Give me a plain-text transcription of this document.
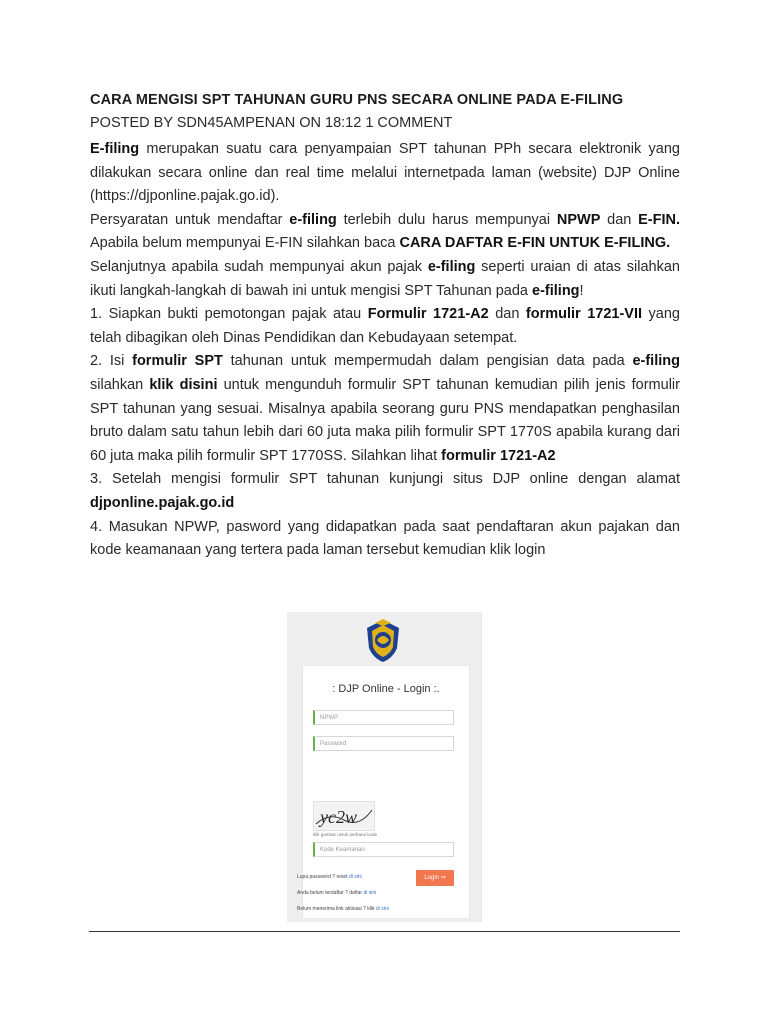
CARA MENGISI SPT TAHUNAN GURU PNS SECARA ONLINE PADA E-FILING
POSTED BY SDN45AMPENAN ON 18:12 1 COMMENT

E-filing merupakan suatu cara penyampaian SPT tahunan PPh secara elektronik yang dilakukan secara online dan real time melalui internetpada laman (website) DJP Online (https://djponline.pajak.go.id).

Persyaratan untuk mendaftar e-filing terlebih dulu harus mempunyai NPWP dan E-FIN. Apabila belum mempunyai E-FIN silahkan baca CARA DAFTAR E-FIN UNTUK E-FILING.

Selanjutnya apabila sudah mempunyai akun pajak e-filing seperti uraian di atas silahkan ikuti langkah-langkah di bawah ini untuk mengisi SPT Tahunan pada e-filing!

1. Siapkan bukti pemotongan pajak atau Formulir 1721-A2 dan formulir 1721-VII yang telah dibagikan oleh Dinas Pendidikan dan Kebudayaan setempat.

2. Isi formulir SPT tahunan untuk mempermudah dalam pengisian data pada e-filing silahkan klik disini untuk mengunduh formulir SPT tahunan kemudian pilih jenis formulir SPT tahunan yang sesuai. Misalnya apabila seorang guru PNS mendapatkan penghasilan bruto dalam satu tahun lebih dari 60 juta maka pilih formulir SPT 1770S apabila kurang dari 60 juta maka pilih formulir SPT 1770SS. Silahkan lihat formulir 1721-A2

3. Setelah mengisi formulir SPT tahunan kunjungi situs DJP online dengan alamat djponline.pajak.go.id

4. Masukan NPWP, pasword yang didapatkan pada saat pendaftaran akun pajakan dan kode keamanaan yang tertera pada laman tersebut kemudian klik login

: DJP Online - Login :.
NPWP
Password
yc2w
klik gambar untuk perbarui kode
Kode Keamanan
Login ⇒
Lupa password ? reset di sini
Anda belum terdaftar ? daftar di sini
Belum menerima link aktivasi ? klik di sini
